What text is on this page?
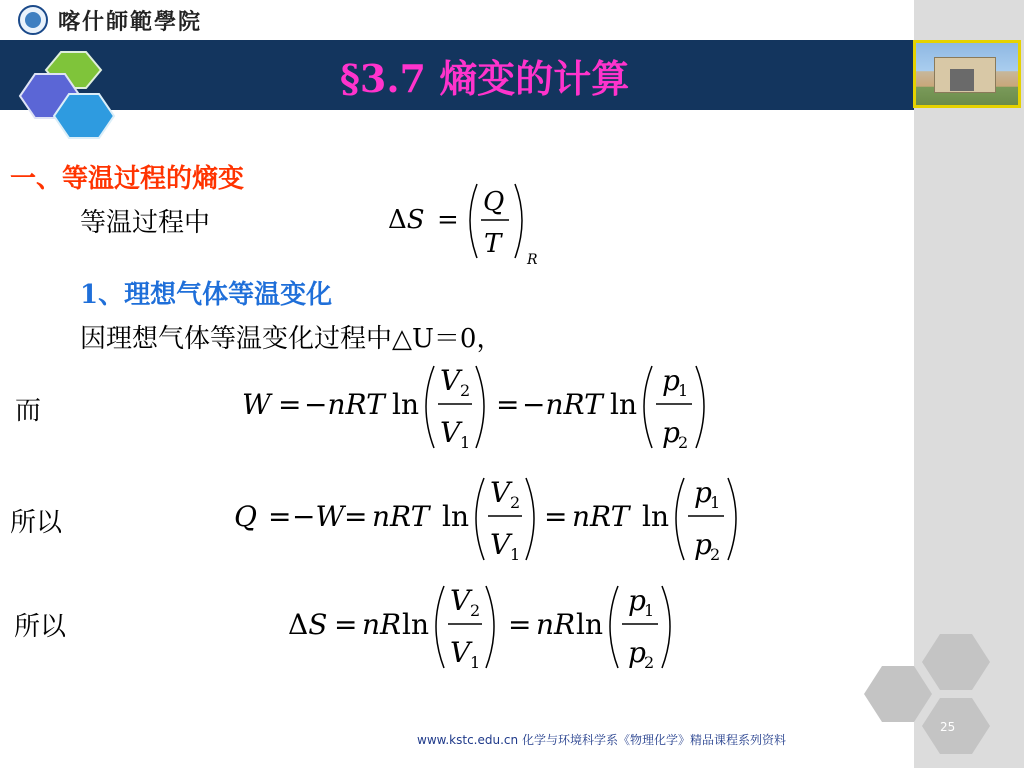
喀什師範學院
§3.7 熵变的计算
一、等温过程的熵变
等温过程中
1、理想气体等温变化
因理想气体等温变化过程中△U＝0，
而
所以
所以
ΔS =
Q
T
R
W = −nRT ln
V 2
V 1
= −nRT ln
p
1
p
2
Q = −W = nRT ln
V 2
V 1
= nRT ln
p
1
p
2
ΔS = nR ln
V 2
V 1
= nR ln
p
1
p
2
25
www.kstc.edu.cn 化学与环境科学系《物理化学》精品课程系列资料
